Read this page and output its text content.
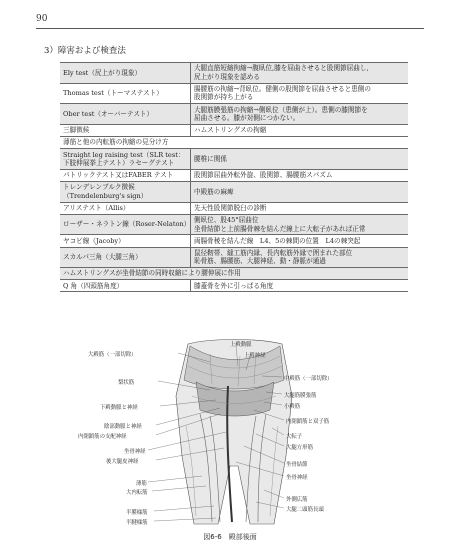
90
3）障害および検査法
Ely test（尻上がり現象）	大腿直筋短縮拘縮→腹臥位,膝を屈曲させると股関節屈曲し,
尻上がり現象を認める

Thomas test（トーマステスト）	腸腰筋の拘縮→背臥位。健側の股関節を屈曲させると患側の
股関節が持ち上がる

Ober test（オーバーテスト）	大腿筋膜張筋の拘縮→側臥位（患側が上）。患側の膝関節を
屈曲させる。膝が対側につかない。

三脚徴候	ハムストリングスの拘縮

薄筋と他の内転筋の拘縮の見分け方	
Straight leg raising test（SLR test：下肢伸展挙上テスト）ラセーグテスト	腰椎に関係

パトリックテスト又はFABER テスト	股関節屈曲外転外旋、股関節、腸腰筋スパズム

トレンデレンブルク徴候（Trendelenburg's sign）	中殿筋の麻痺

アリステスト（Allis）	先天性股関節脱臼の診断

ローザー・ネラトン線（Roser-Nelaton）	側臥位、股45°屈曲位
坐骨結節と上前腸骨棘を結んだ線上に大転子があれば正常

ヤコビ線（Jacoby）	両腸骨稜を結んだ線　L4、5の棘間の位置　L4の棘突起

スカルパ三角（大腿三角）	鼠径靭帯、縫工筋内縁、長内転筋外縁で囲まれた部位
恥骨筋、腸腰筋、大腿神経、動・静脈が通過

ハムストリングスが坐骨結節の同時収縮により腰伸展に作用	
Q 角（四頭筋角度）	膝蓋骨を外に引っぱる角度
大殿筋（一部切除）
梨状筋
下殿動脈と神経
陰部動脈と神経
内閉鎖筋の支配神経
坐骨神経
後大腿皮神経
薄筋
大内転筋
半膜様筋
半腱様筋
上殿動脈
上殿神経
中殿筋（一部切除）
大腿筋膜張筋
小殿筋
内閉鎖筋と双子筋
大転子
大腿方形筋
坐骨結節
坐骨神経
外側広筋
大腿二頭筋長頭
図6-6　殿部後面
